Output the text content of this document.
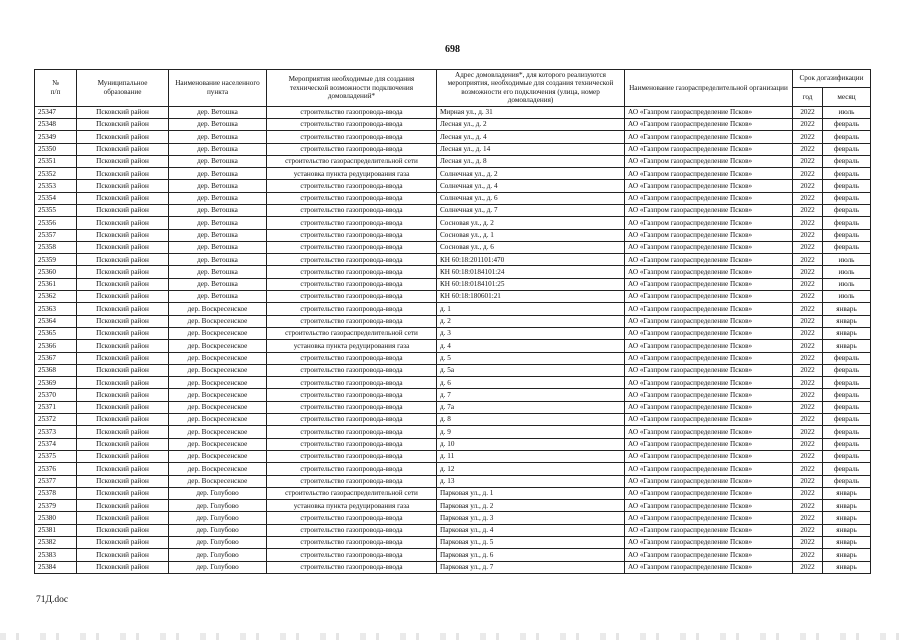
698
№
п/п	Муниципальное образование	Наименование населенного пункта	Мероприятия необходимые для создания технической возможности подключения домовладений*	Адрес домовладения*, для которого реализуются мероприятия, необходимые для создания технической возможности его подключения (улица, номер домовладения)	Наименование газораспределительной организации	Срок догазификации	
						год	месяц
25347	Псковский район	дер. Ветошка	строительство газопровода-ввода	Мирная ул., д. 31	АО «Газпром газораспределение Псков»	2022	июль
25348	Псковский район	дер. Ветошка	строительство газопровода-ввода	Лесная ул., д. 2	АО «Газпром газораспределение Псков»	2022	февраль
25349	Псковский район	дер. Ветошка	строительство газопровода-ввода	Лесная ул., д. 4	АО «Газпром газораспределение Псков»	2022	февраль
25350	Псковский район	дер. Ветошка	строительство газопровода-ввода	Лесная ул., д. 14	АО «Газпром газораспределение Псков»	2022	февраль
25351	Псковский район	дер. Ветошка	строительство газораспределительной сети	Лесная ул., д. 8	АО «Газпром газораспределение Псков»	2022	февраль
25352	Псковский район	дер. Ветошка	установка пункта редуцирования газа	Солнечная ул., д. 2	АО «Газпром газораспределение Псков»	2022	февраль
25353	Псковский район	дер. Ветошка	строительство газопровода-ввода	Солнечная ул., д. 4	АО «Газпром газораспределение Псков»	2022	февраль
25354	Псковский район	дер. Ветошка	строительство газопровода-ввода	Солнечная ул., д. 6	АО «Газпром газораспределение Псков»	2022	февраль
25355	Псковский район	дер. Ветошка	строительство газопровода-ввода	Солнечная ул., д. 7	АО «Газпром газораспределение Псков»	2022	февраль
25356	Псковский район	дер. Ветошка	строительство газопровода-ввода	Сосновая ул., д. 2	АО «Газпром газораспределение Псков»	2022	февраль
25357	Псковский район	дер. Ветошка	строительство газопровода-ввода	Сосновая ул., д. 1	АО «Газпром газораспределение Псков»	2022	февраль
25358	Псковский район	дер. Ветошка	строительство газопровода-ввода	Сосновая ул., д. 6	АО «Газпром газораспределение Псков»	2022	февраль
25359	Псковский район	дер. Ветошка	строительство газопровода-ввода	КН 60:18:201101:470	АО «Газпром газораспределение Псков»	2022	июль
25360	Псковский район	дер. Ветошка	строительство газопровода-ввода	КН 60:18:0184101:24	АО «Газпром газораспределение Псков»	2022	июль
25361	Псковский район	дер. Ветошка	строительство газопровода-ввода	КН 60:18:0184101:25	АО «Газпром газораспределение Псков»	2022	июль
25362	Псковский район	дер. Ветошка	строительство газопровода-ввода	КН 60:18:180601:21	АО «Газпром газораспределение Псков»	2022	июль
25363	Псковский район	дер. Воскресенское	строительство газопровода-ввода	д. 1	АО «Газпром газораспределение Псков»	2022	январь
25364	Псковский район	дер. Воскресенское	строительство газопровода-ввода	д. 2	АО «Газпром газораспределение Псков»	2022	январь
25365	Псковский район	дер. Воскресенское	строительство газораспределительной сети	д. 3	АО «Газпром газораспределение Псков»	2022	январь
25366	Псковский район	дер. Воскресенское	установка пункта редуцирования газа	д. 4	АО «Газпром газораспределение Псков»	2022	январь
25367	Псковский район	дер. Воскресенское	строительство газопровода-ввода	д. 5	АО «Газпром газораспределение Псков»	2022	февраль
25368	Псковский район	дер. Воскресенское	строительство газопровода-ввода	д. 5а	АО «Газпром газораспределение Псков»	2022	февраль
25369	Псковский район	дер. Воскресенское	строительство газопровода-ввода	д. 6	АО «Газпром газораспределение Псков»	2022	февраль
25370	Псковский район	дер. Воскресенское	строительство газопровода-ввода	д. 7	АО «Газпром газораспределение Псков»	2022	февраль
25371	Псковский район	дер. Воскресенское	строительство газопровода-ввода	д. 7а	АО «Газпром газораспределение Псков»	2022	февраль
25372	Псковский район	дер. Воскресенское	строительство газопровода-ввода	д. 8	АО «Газпром газораспределение Псков»	2022	февраль
25373	Псковский район	дер. Воскресенское	строительство газопровода-ввода	д. 9	АО «Газпром газораспределение Псков»	2022	февраль
25374	Псковский район	дер. Воскресенское	строительство газопровода-ввода	д. 10	АО «Газпром газораспределение Псков»	2022	февраль
25375	Псковский район	дер. Воскресенское	строительство газопровода-ввода	д. 11	АО «Газпром газораспределение Псков»	2022	февраль
25376	Псковский район	дер. Воскресенское	строительство газопровода-ввода	д. 12	АО «Газпром газораспределение Псков»	2022	февраль
25377	Псковский район	дер. Воскресенское	строительство газопровода-ввода	д. 13	АО «Газпром газораспределение Псков»	2022	февраль
25378	Псковский район	дер. Голубово	строительство газораспределительной сети	Парковая ул., д. 1	АО «Газпром газораспределение Псков»	2022	январь
25379	Псковский район	дер. Голубово	установка пункта редуцирования газа	Парковая ул., д. 2	АО «Газпром газораспределение Псков»	2022	январь
25380	Псковский район	дер. Голубово	строительство газопровода-ввода	Парковая ул., д. 3	АО «Газпром газораспределение Псков»	2022	январь
25381	Псковский район	дер. Голубово	строительство газопровода-ввода	Парковая ул., д. 4	АО «Газпром газораспределение Псков»	2022	январь
25382	Псковский район	дер. Голубово	строительство газопровода-ввода	Парковая ул., д. 5	АО «Газпром газораспределение Псков»	2022	январь
25383	Псковский район	дер. Голубово	строительство газопровода-ввода	Парковая ул., д. 6	АО «Газпром газораспределение Псков»	2022	январь
25384	Псковский район	дер. Голубово	строительство газопровода-ввода	Парковая ул., д. 7	АО «Газпром газораспределение Псков»	2022	январь
71Д.doc
